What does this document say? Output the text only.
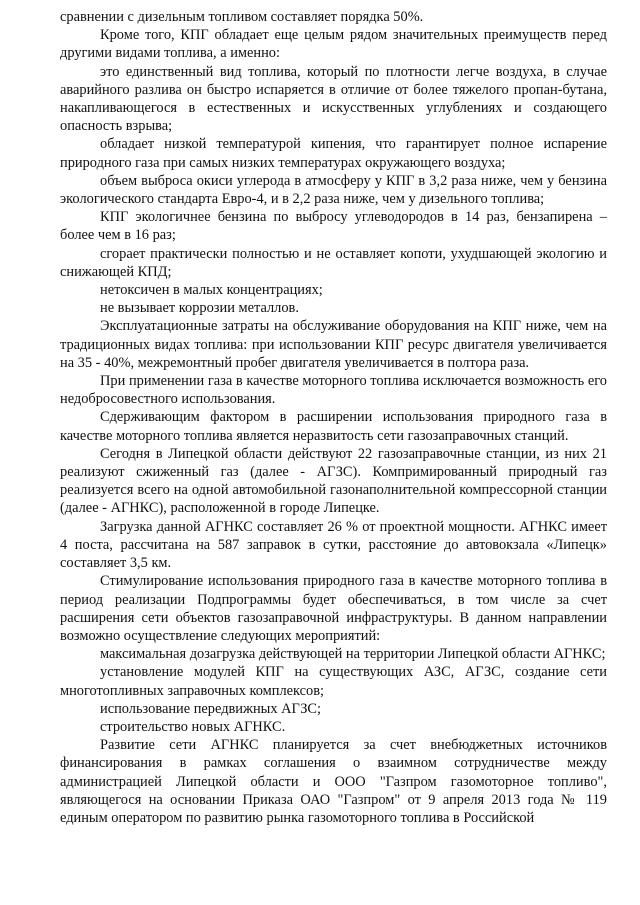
сравнении с дизельным топливом составляет порядка 50%.

Кроме того, КПГ обладает еще целым рядом значительных преимуществ перед другими видами топлива, а именно:

это единственный вид топлива, который по плотности легче воздуха, в случае аварийного разлива он быстро испаряется в отличие от более тяжелого пропан-бутана, накапливающегося в естественных и искусственных углублениях и создающего опасность взрыва;

обладает низкой температурой кипения, что гарантирует полное испарение природного газа при самых низких температурах окружающего воздуха;

объем выброса окиси углерода в атмосферу у КПГ в 3,2 раза ниже, чем у бензина экологического стандарта Евро-4, и в 2,2 раза ниже, чем у дизельного топлива;

КПГ экологичнее бензина по выбросу углеводородов в 14 раз, бензапирена – более чем в 16 раз;

сгорает практически полностью и не оставляет копоти, ухудшающей экологию и снижающей КПД;

нетоксичен в малых концентрациях;

не вызывает коррозии металлов.

Эксплуатационные затраты на обслуживание оборудования на КПГ ниже, чем на традиционных видах топлива: при использовании КПГ ресурс двигателя увеличивается на 35 - 40%, межремонтный пробег двигателя увеличивается в полтора раза.

При применении газа в качестве моторного топлива исключается возможность его недобросовестного использования.

Сдерживающим фактором в расширении использования природного газа в качестве моторного топлива является неразвитость сети газозаправочных станций.

Сегодня в Липецкой области действуют 22 газозаправочные станции, из них 21 реализуют сжиженный газ (далее - АГЗС). Компримированный природный газ реализуется всего на одной автомобильной газонаполнительной компрессорной станции (далее - АГНКС), расположенной в городе Липецке.

Загрузка данной АГНКС составляет 26 % от проектной мощности. АГНКС имеет 4 поста, рассчитана на 587 заправок в сутки, расстояние до автовокзала «Липецк» составляет 3,5 км.

Стимулирование использования природного газа в качестве моторного топлива в период реализации Подпрограммы будет обеспечиваться, в том числе за счет расширения сети объектов газозаправочной инфраструктуры. В данном направлении возможно осуществление следующих мероприятий:

максимальная дозагрузка действующей на территории Липецкой области АГНКС;

установление модулей КПГ на существующих АЗС, АГЗС, создание сети многотопливных заправочных комплексов;

использование передвижных АГЗС;

строительство новых АГНКС.

Развитие сети АГНКС планируется за счет внебюджетных источников финансирования в рамках соглашения о взаимном сотрудничестве между администрацией Липецкой области и ООО "Газпром газомоторное топливо", являющегося на основании Приказа ОАО "Газпром" от 9 апреля 2013 года № 119 единым оператором по развитию рынка газомоторного топлива в Российской
